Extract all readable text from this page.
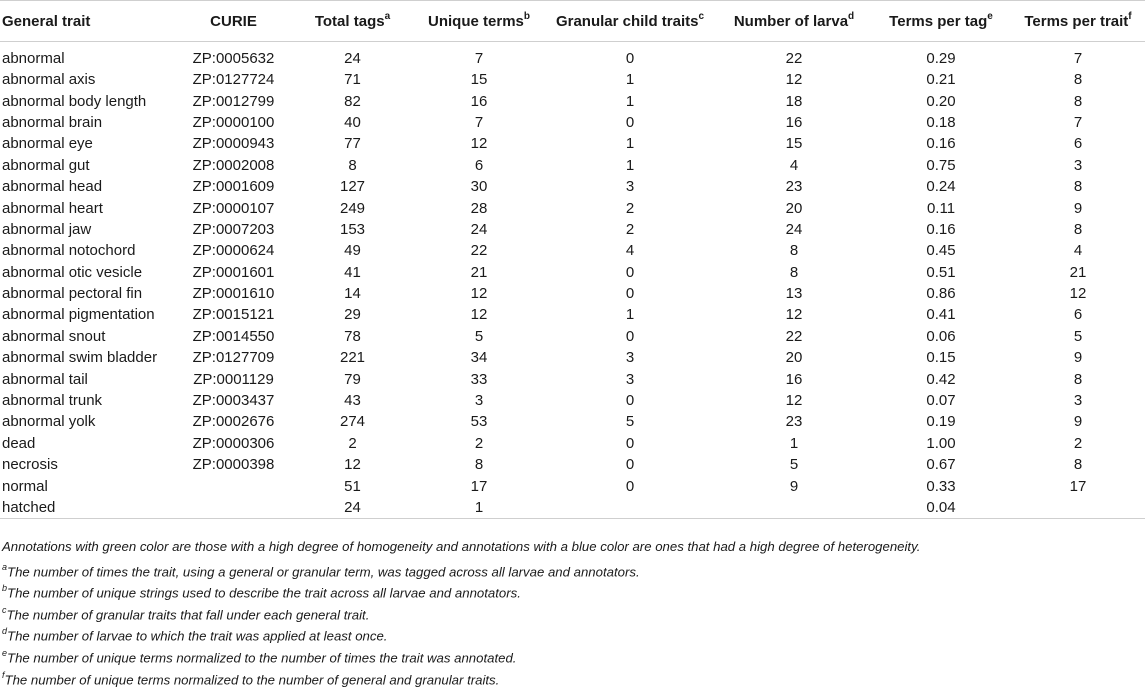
General trait	CURIE	Total tags$^a$	Unique terms$^b$	Granular child traits$^c$	Number of larva$^d$	Terms per tag$^e$	Terms per trait$^f$
abnormal	ZP:0005632	24	7	0	22	0.29	7
abnormal axis	ZP:0127724	71	15	1	12	0.21	8
abnormal body length	ZP:0012799	82	16	1	18	0.20	8
abnormal brain	ZP:0000100	40	7	0	16	0.18	7
abnormal eye	ZP:0000943	77	12	1	15	0.16	6
abnormal gut	ZP:0002008	8	6	1	4	0.75	3
abnormal head	ZP:0001609	127	30	3	23	0.24	8
abnormal heart	ZP:0000107	249	28	2	20	0.11	9
abnormal jaw	ZP:0007203	153	24	2	24	0.16	8
abnormal notochord	ZP:0000624	49	22	4	8	0.45	4
abnormal otic vesicle	ZP:0001601	41	21	0	8	0.51	21
abnormal pectoral fin	ZP:0001610	14	12	0	13	0.86	12
abnormal pigmentation	ZP:0015121	29	12	1	12	0.41	6
abnormal snout	ZP:0014550	78	5	0	22	0.06	5
abnormal swim bladder	ZP:0127709	221	34	3	20	0.15	9
abnormal tail	ZP:0001129	79	33	3	16	0.42	8
abnormal trunk	ZP:0003437	43	3	0	12	0.07	3
abnormal yolk	ZP:0002676	274	53	5	23	0.19	9
dead	ZP:0000306	2	2	0	1	1.00	2
necrosis	ZP:0000398	12	8	0	5	0.67	8
normal		51	17	0	9	0.33	17
hatched		24	1			0.04	
Annotations with green color are those with a high degree of homogeneity and annotations with a blue color are ones that had a high degree of heterogeneity.
$^a$The number of times the trait, using a general or granular term, was tagged across all larvae and annotators.
$^b$The number of unique strings used to describe the trait across all larvae and annotators.
$^c$The number of granular traits that fall under each general trait.
$^d$The number of larvae to which the trait was applied at least once.
$^e$The number of unique terms normalized to the number of times the trait was annotated.
$^f$The number of unique terms normalized to the number of general and granular traits.
